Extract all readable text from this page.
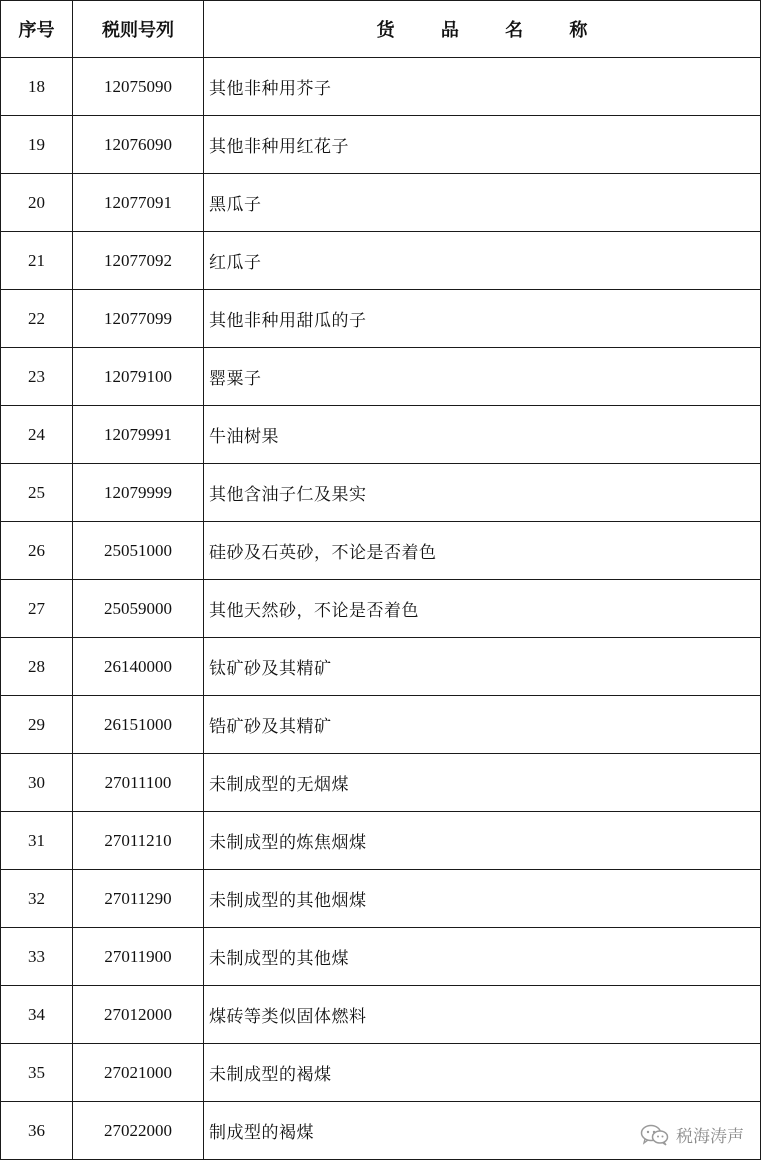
序号	税则号列	货 品 名 称
18	12075090	其他非种用芥子
19	12076090	其他非种用红花子
20	12077091	黑瓜子
21	12077092	红瓜子
22	12077099	其他非种用甜瓜的子
23	12079100	罂粟子
24	12079991	牛油树果
25	12079999	其他含油子仁及果实
26	25051000	硅砂及石英砂，不论是否着色
27	25059000	其他天然砂，不论是否着色
28	26140000	钛矿砂及其精矿
29	26151000	锆矿砂及其精矿
30	27011100	未制成型的无烟煤
31	27011210	未制成型的炼焦烟煤
32	27011290	未制成型的其他烟煤
33	27011900	未制成型的其他煤
34	27012000	煤砖等类似固体燃料
35	27021000	未制成型的褐煤
36	27022000	制成型的褐煤	税海涛声
